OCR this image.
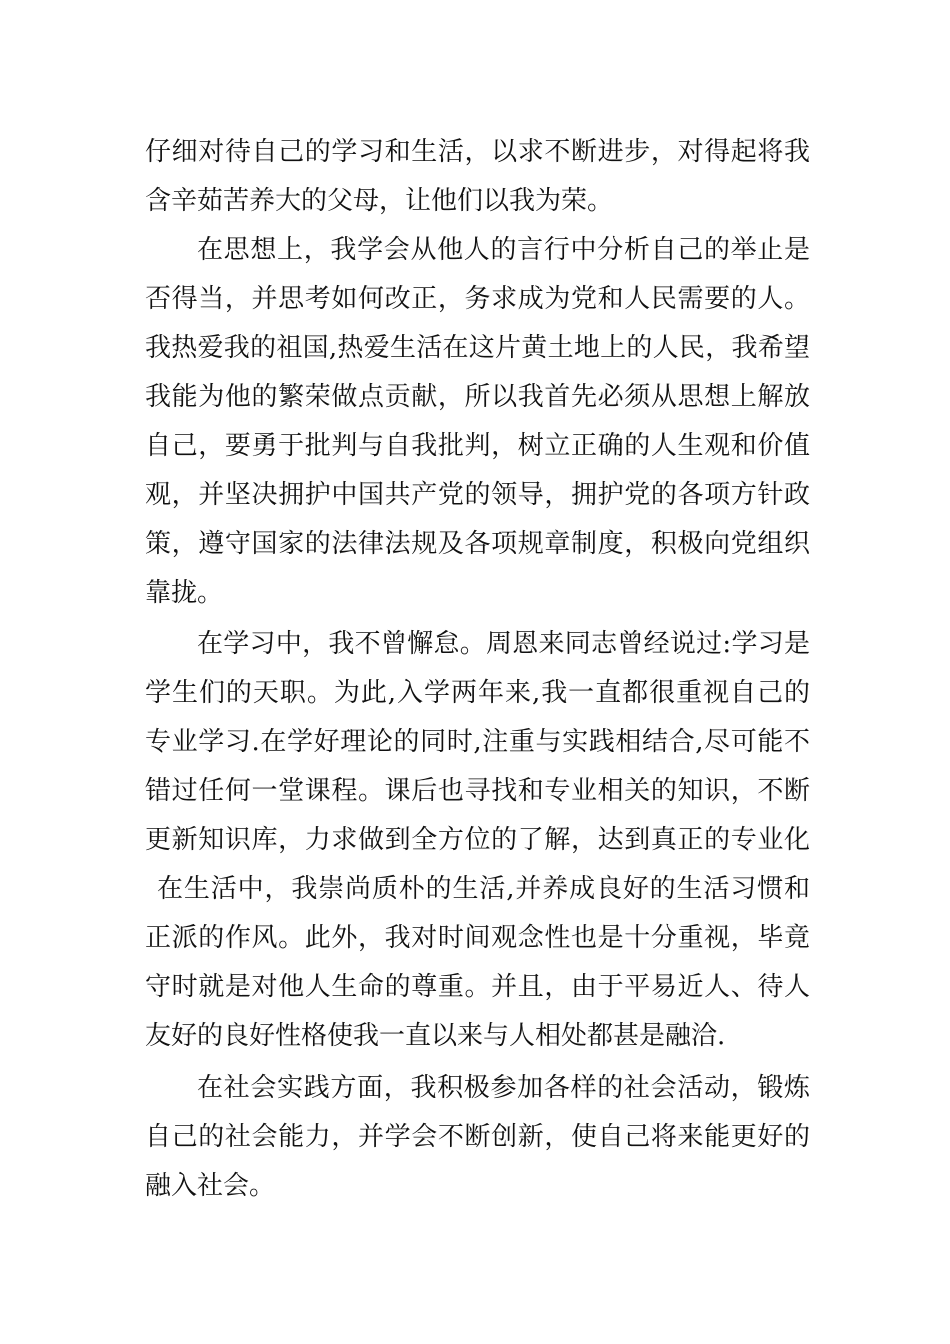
仔细对待自己的学习和生活，以求不断进步，对得起将我
含辛茹苦养大的父母，让他们以我为荣。
在思想上，我学会从他人的言行中分析自己的举止是
否得当，并思考如何改正，务求成为党和人民需要的人。
我热爱我的祖国,热爱生活在这片黄土地上的人民，我希望
我能为他的繁荣做点贡献，所以我首先必须从思想上解放
自己，要勇于批判与自我批判，树立正确的人生观和价值
观，并坚决拥护中国共产党的领导，拥护党的各项方针政
策，遵守国家的法律法规及各项规章制度，积极向党组织
靠拢。
在学习中，我不曾懈怠。周恩来同志曾经说过:学习是
学生们的天职。为此,入学两年来,我一直都很重视自己的
专业学习.在学好理论的同时,注重与实践相结合,尽可能不
错过任何一堂课程。课后也寻找和专业相关的知识，不断
更新知识库，力求做到全方位的了解，达到真正的专业化
在生活中，我崇尚质朴的生活,并养成良好的生活习惯和
正派的作风。此外，我对时间观念性也是十分重视，毕竟
守时就是对他人生命的尊重。并且，由于平易近人、待人
友好的良好性格使我一直以来与人相处都甚是融洽.
在社会实践方面，我积极参加各样的社会活动，锻炼
自己的社会能力，并学会不断创新，使自己将来能更好的
融入社会。
